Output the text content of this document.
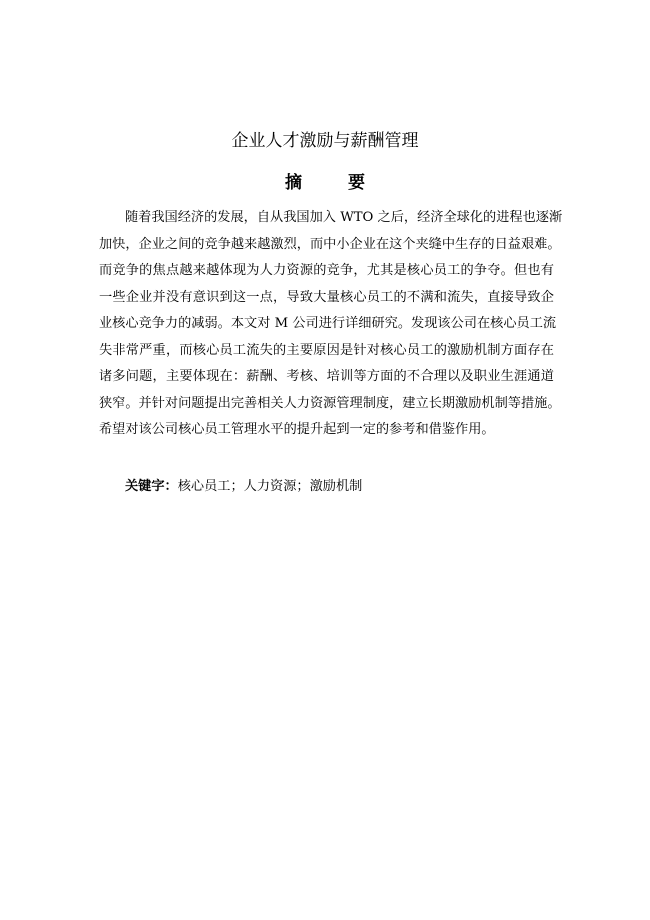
企业人才激励与薪酬管理
摘 要
随着我国经济的发展，自从我国加入 WTO 之后，经济全球化的进程也逐渐
加快，企业之间的竞争越来越激烈，而中小企业在这个夹缝中生存的日益艰难。
而竞争的焦点越来越体现为人力资源的竞争，尤其是核心员工的争夺。但也有
一些企业并没有意识到这一点，导致大量核心员工的不满和流失，直接导致企
业核心竞争力的减弱。本文对 M 公司进行详细研究。发现该公司在核心员工流
失非常严重，而核心员工流失的主要原因是针对核心员工的激励机制方面存在
诸多问题，主要体现在：薪酬、考核、培训等方面的不合理以及职业生涯通道
狭窄。并针对问题提出完善相关人力资源管理制度，建立长期激励机制等措施。
希望对该公司核心员工管理水平的提升起到一定的参考和借鉴作用。
关键字：核心员工；人力资源；激励机制
